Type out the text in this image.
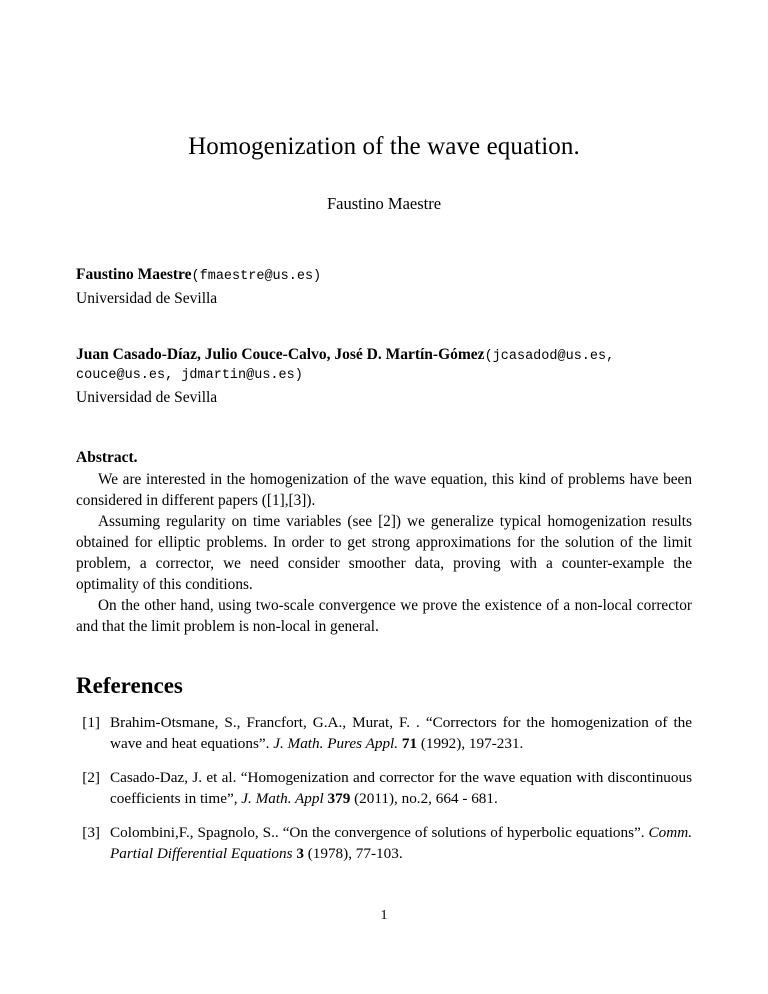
Homogenization of the wave equation.
Faustino Maestre
Faustino Maestre(fmaestre@us.es)
Universidad de Sevilla
Juan Casado-Díaz, Julio Couce-Calvo, José D. Martín-Gómez(jcasadod@us.es,
couce@us.es, jdmartin@us.es)
Universidad de Sevilla
Abstract.

We are interested in the homogenization of the wave equation, this kind of problems have been considered in different papers ([1],[3]).

Assuming regularity on time variables (see [2]) we generalize typical homogenization results obtained for elliptic problems. In order to get strong approximations for the solution of the limit problem, a corrector, we need consider smoother data, proving with a counter-example the optimality of this conditions.

On the other hand, using two-scale convergence we prove the existence of a non-local corrector and that the limit problem is non-local in general.

References
[1] Brahim-Otsmane, S., Francfort, G.A., Murat, F. . “Correctors for the homogenization of the wave and heat equations”. J. Math. Pures Appl. 71 (1992), 197-231.
[2] Casado-Daz, J. et al. “Homogenization and corrector for the wave equation with discontinuous coefficients in time”, J. Math. Appl 379 (2011), no.2, 664 - 681.
[3] Colombini,F., Spagnolo, S.. “On the convergence of solutions of hyperbolic equations”. Comm. Partial Differential Equations 3 (1978), 77-103.
1
